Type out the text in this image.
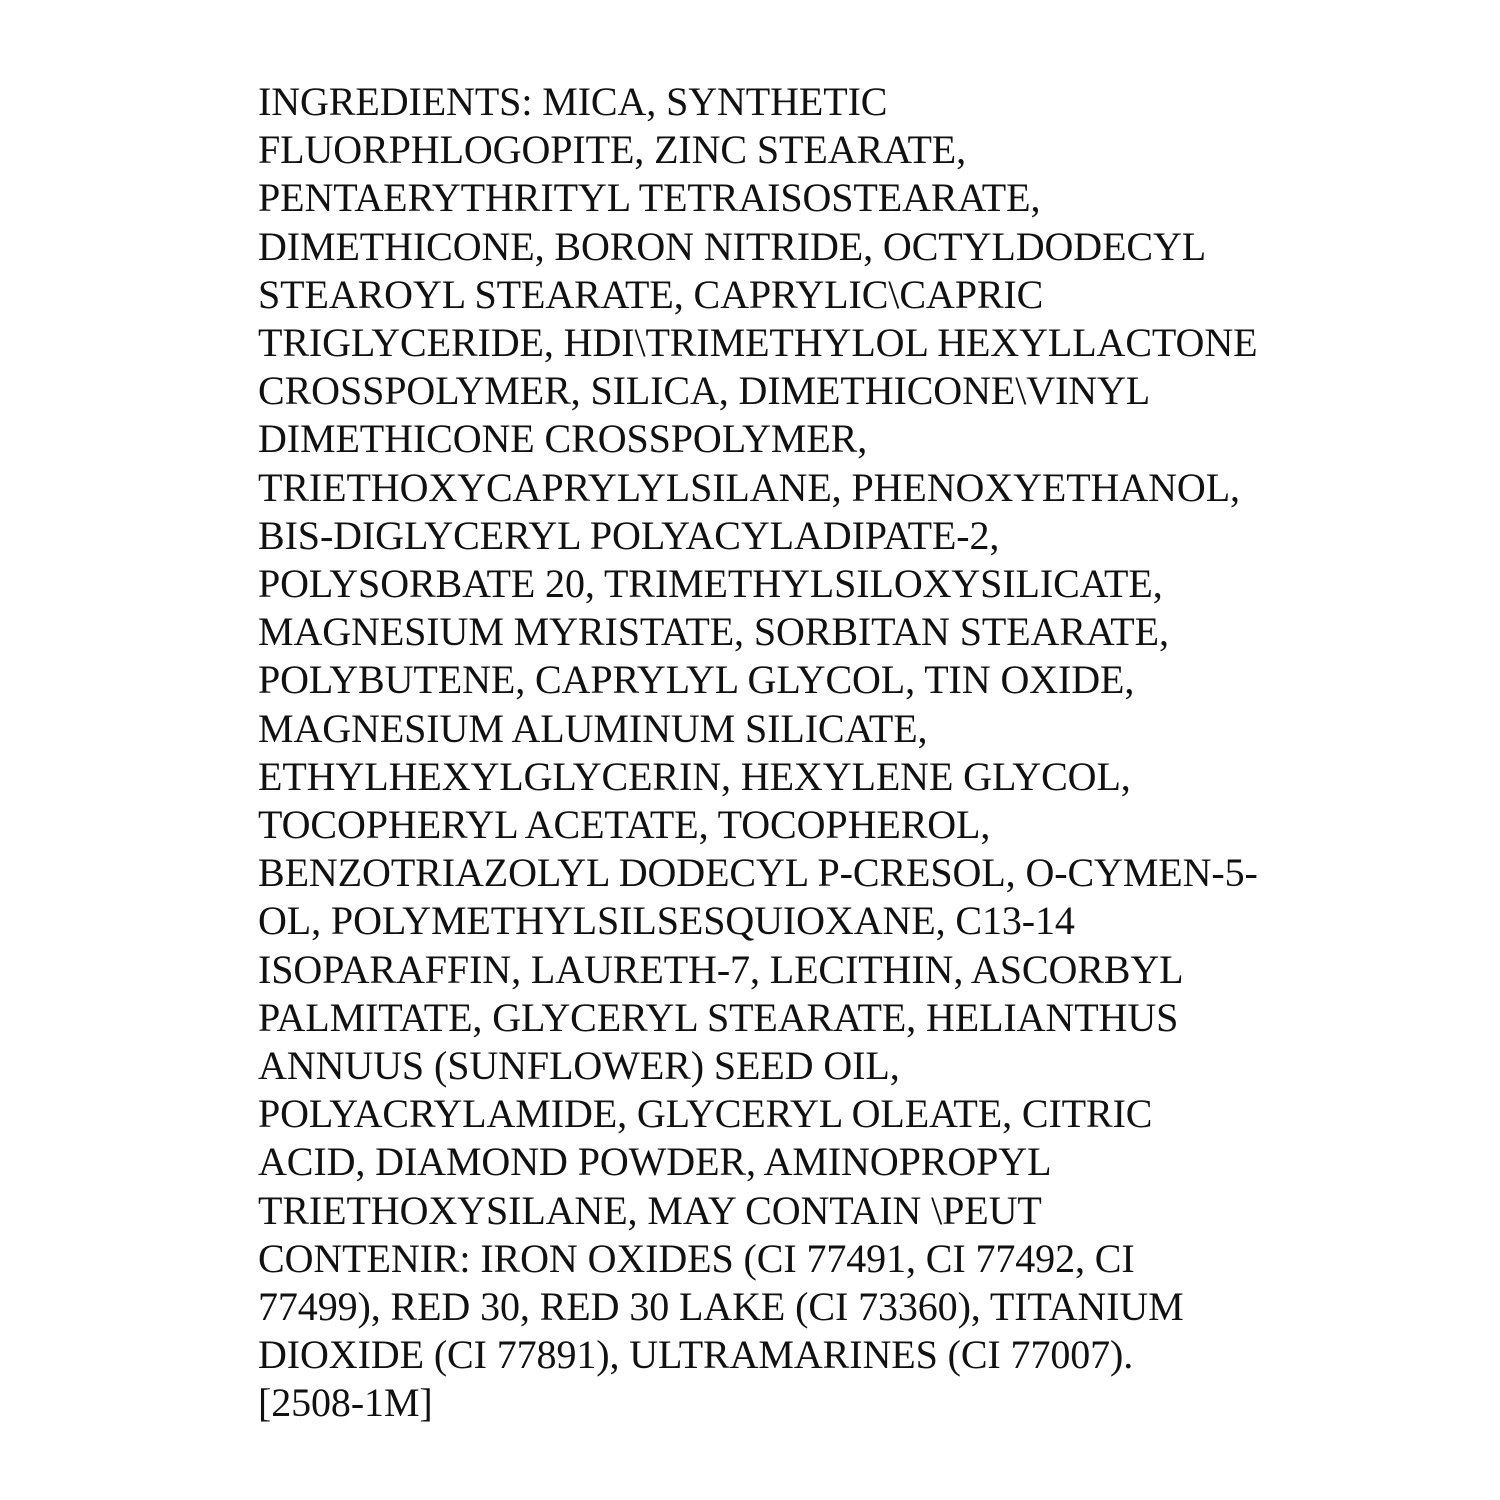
INGREDIENTS: MICA, SYNTHETIC
FLUORPHLOGOPITE, ZINC STEARATE,
PENTAERYTHRITYL TETRAISOSTEARATE,
DIMETHICONE, BORON NITRIDE, OCTYLDODECYL
STEAROYL STEARATE, CAPRYLIC\CAPRIC
TRIGLYCERIDE, HDI\TRIMETHYLOL HEXYLLACTONE
CROSSPOLYMER, SILICA, DIMETHICONE\VINYL
DIMETHICONE CROSSPOLYMER,
TRIETHOXYCAPRYLYLSILANE, PHENOXYETHANOL,
BIS-DIGLYCERYL POLYACYLADIPATE-2,
POLYSORBATE 20, TRIMETHYLSILOXYSILICATE,
MAGNESIUM MYRISTATE, SORBITAN STEARATE,
POLYBUTENE, CAPRYLYL GLYCOL, TIN OXIDE,
MAGNESIUM ALUMINUM SILICATE,
ETHYLHEXYLGLYCERIN, HEXYLENE GLYCOL,
TOCOPHERYL ACETATE, TOCOPHEROL,
BENZOTRIAZOLYL DODECYL P-CRESOL, O-CYMEN-5-
OL, POLYMETHYLSILSESQUIOXANE, C13-14
ISOPARAFFIN, LAURETH-7, LECITHIN, ASCORBYL
PALMITATE, GLYCERYL STEARATE, HELIANTHUS
ANNUUS (SUNFLOWER) SEED OIL,
POLYACRYLAMIDE, GLYCERYL OLEATE, CITRIC
ACID, DIAMOND POWDER, AMINOPROPYL
TRIETHOXYSILANE, MAY CONTAIN \PEUT
CONTENIR: IRON OXIDES (CI 77491, CI 77492, CI
77499), RED 30, RED 30 LAKE (CI 73360), TITANIUM
DIOXIDE (CI 77891), ULTRAMARINES (CI 77007).
[2508-1M]
